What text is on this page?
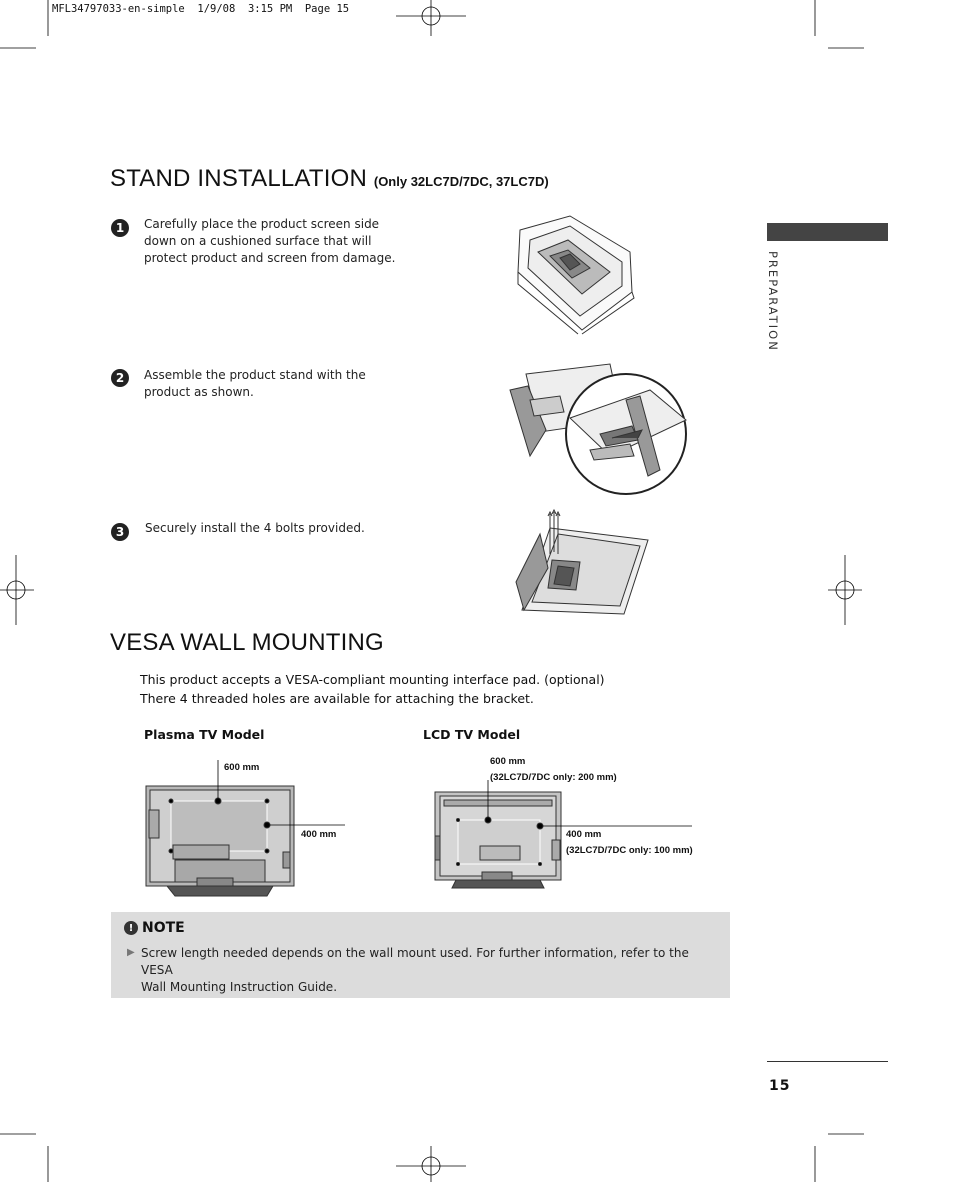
MFL34797033-en-simple  1/9/08  3:15 PM  Page 15
PREPARATION
STAND INSTALLATION (Only 32LC7D/7DC, 37LC7D)
1	Carefully place the product screen side down on a cushioned surface that will protect product and screen from damage.
2	Assemble the product stand with the product as shown.
3	Securely install the 4 bolts provided.
VESA WALL MOUNTING
This product accepts a VESA-compliant mounting interface pad. (optional)
There 4 threaded holes are available for attaching the bracket.
Plasma TV Model	LCD TV Model
600 mm
400 mm
600 mm
(32LC7D/7DC only: 200 mm)
400 mm
(32LC7D/7DC only: 100 mm)
! NOTE
▶ Screw length needed depends on the wall mount used. For further information, refer to the VESA
Wall Mounting Instruction Guide.
15
